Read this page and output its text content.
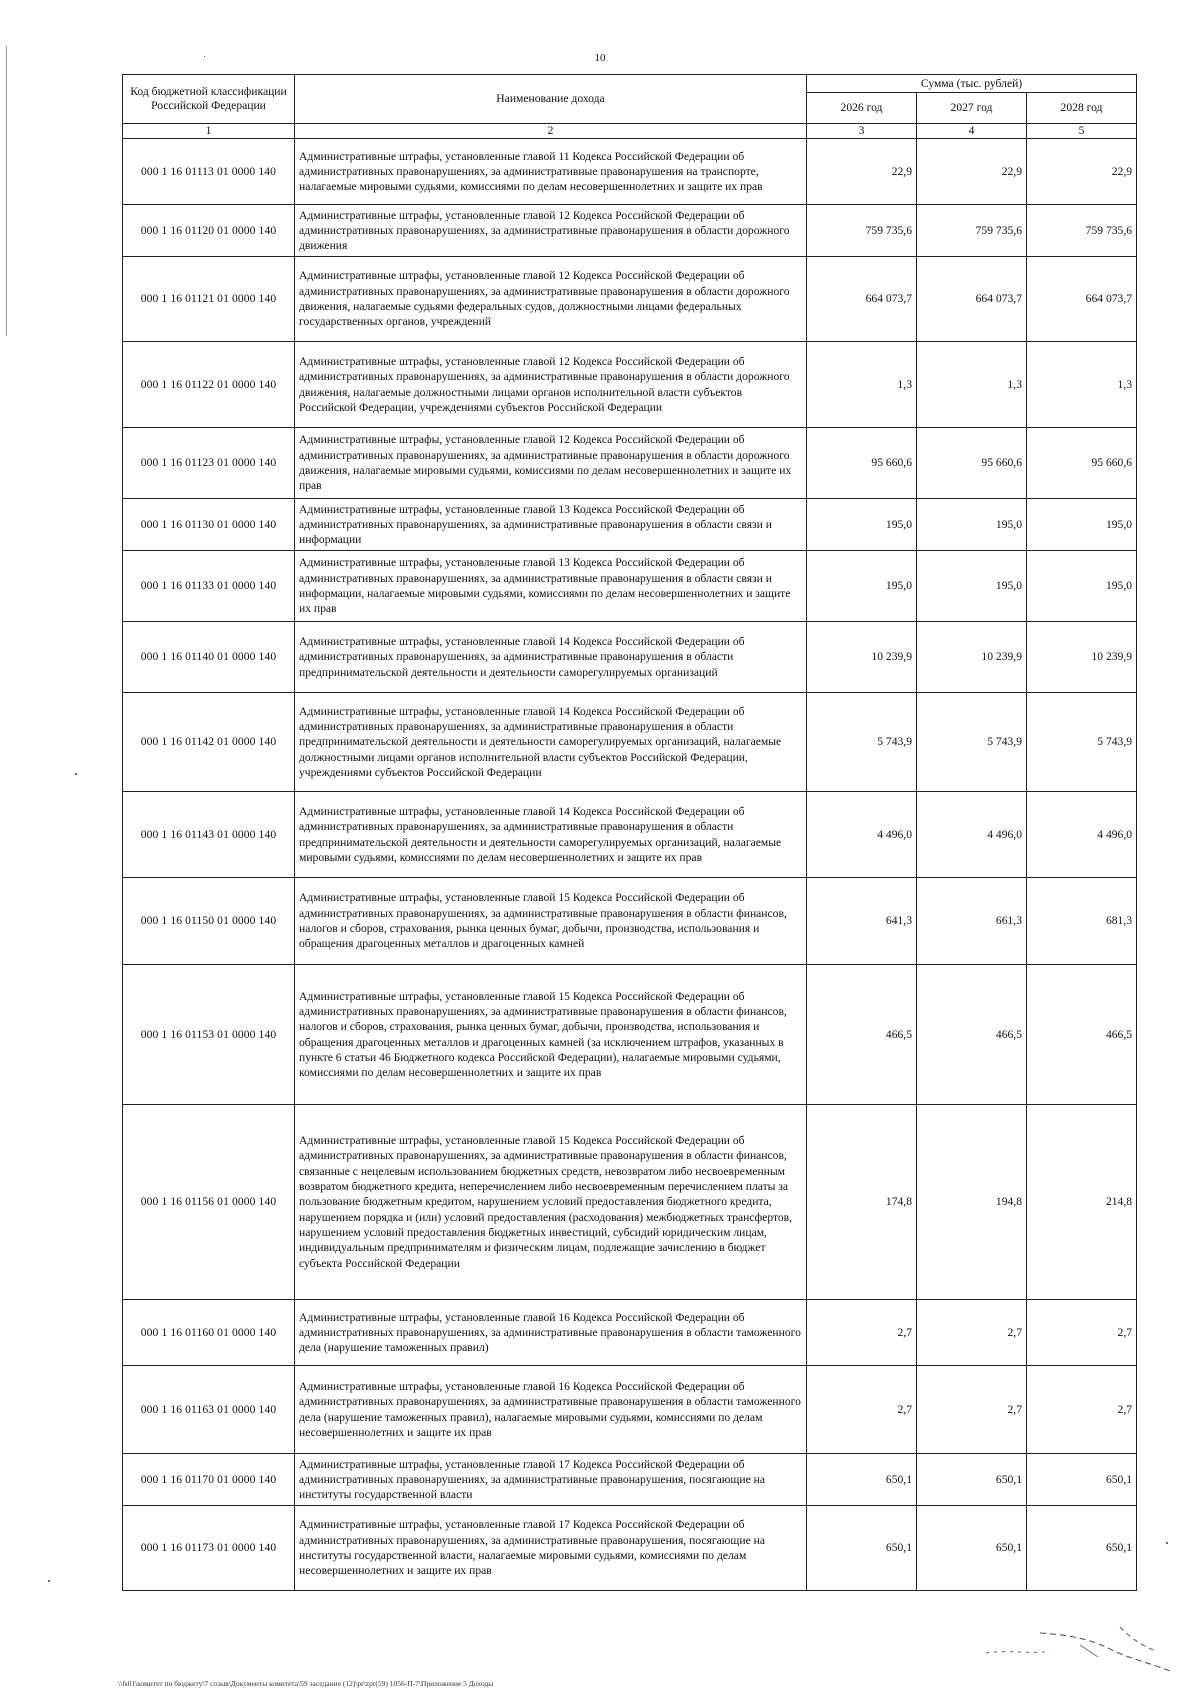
10
Код бюджетной классификации Российской Федерации	Наименование дохода	Сумма (тыс. рублей)		
		2026 год	2027 год	2028 год
1	2	3	4	5
000 1 16 01113 01 0000 140	Административные штрафы, установленные главой 11 Кодекса Российской Федерации об административных правонарушениях, за административные правонарушения на транспорте, налагаемые мировыми судьями, комиссиями по делам несовершеннолетних и защите их прав	22,9	22,9	22,9
000 1 16 01120 01 0000 140	Административные штрафы, установленные главой 12 Кодекса Российской Федерации об административных правонарушениях, за административные правонарушения в области дорожного движения	759 735,6	759 735,6	759 735,6
000 1 16 01121 01 0000 140	Административные штрафы, установленные главой 12 Кодекса Российской Федерации об административных правонарушениях, за административные правонарушения в области дорожного движения, налагаемые судьями федеральных судов, должностными лицами федеральных государственных органов, учреждений	664 073,7	664 073,7	664 073,7
000 1 16 01122 01 0000 140	Административные штрафы, установленные главой 12 Кодекса Российской Федерации об административных правонарушениях, за административные правонарушения в области дорожного движения, налагаемые должностными лицами органов исполнительной власти субъектов Российской Федерации, учреждениями субъектов Российской Федерации	1,3	1,3	1,3
000 1 16 01123 01 0000 140	Административные штрафы, установленные главой 12 Кодекса Российской Федерации об административных правонарушениях, за административные правонарушения в области дорожного движения, налагаемые мировыми судьями, комиссиями по делам несовершеннолетних и защите их прав	95 660,6	95 660,6	95 660,6
000 1 16 01130 01 0000 140	Административные штрафы, установленные главой 13 Кодекса Российской Федерации об административных правонарушениях, за административные правонарушения в области связи и информации	195,0	195,0	195,0
000 1 16 01133 01 0000 140	Административные штрафы, установленные главой 13 Кодекса Российской Федерации об административных правонарушениях, за административные правонарушения в области связи и информации, налагаемые мировыми судьями, комиссиями по делам несовершеннолетних и защите их прав	195,0	195,0	195,0
000 1 16 01140 01 0000 140	Административные штрафы, установленные главой 14 Кодекса Российской Федерации об административных правонарушениях, за административные правонарушения в области предпринимательской деятельности и деятельности саморегулируемых организаций	10 239,9	10 239,9	10 239,9
000 1 16 01142 01 0000 140	Административные штрафы, установленные главой 14 Кодекса Российской Федерации об административных правонарушениях, за административные правонарушения в области предпринимательской деятельности и деятельности саморегулируемых организаций, налагаемые должностными лицами органов исполнительной власти субъектов Российской Федерации, учреждениями субъектов Российской Федерации	5 743,9	5 743,9	5 743,9
000 1 16 01143 01 0000 140	Административные штрафы, установленные главой 14 Кодекса Российской Федерации об административных правонарушениях, за административные правонарушения в области предпринимательской деятельности и деятельности саморегулируемых организаций, налагаемые мировыми судьями, комиссиями по делам несовершеннолетних и защите их прав	4 496,0	4 496,0	4 496,0
000 1 16 01150 01 0000 140	Административные штрафы, установленные главой 15 Кодекса Российской Федерации об административных правонарушениях, за административные правонарушения в области финансов, налогов и сборов, страхования, рынка ценных бумаг, добычи, производства, использования и обращения драгоценных металлов и драгоценных камней	641,3	661,3	681,3
000 1 16 01153 01 0000 140	Административные штрафы, установленные главой 15 Кодекса Российской Федерации об административных правонарушениях, за административные правонарушения в области финансов, налогов и сборов, страхования, рынка ценных бумаг, добычи, производства, использования и обращения драгоценных металлов и драгоценных камней (за исключением штрафов, указанных в пункте 6 статьи 46 Бюджетного кодекса Российской Федерации), налагаемые мировыми судьями, комиссиями по делам несовершеннолетних и защите их прав	466,5	466,5	466,5
000 1 16 01156 01 0000 140	Административные штрафы, установленные главой 15 Кодекса Российской Федерации об административных правонарушениях, за административные правонарушения в области финансов, связанные с нецелевым использованием бюджетных средств, невозвратом либо несвоевременным возвратом бюджетного кредита, неперечислением либо несвоевременным перечислением платы за пользование бюджетным кредитом, нарушением условий предоставления бюджетного кредита, нарушением порядка и (или) условий предоставления (расходования) межбюджетных трансфертов, нарушением условий предоставления бюджетных инвестиций, субсидий юридическим лицам, индивидуальным предпринимателям и физическим лицам, подлежащие зачислению в бюджет субъекта Российской Федерации	174,8	194,8	214,8
000 1 16 01160 01 0000 140	Административные штрафы, установленные главой 16 Кодекса Российской Федерации об административных правонарушениях, за административные правонарушения в области таможенного дела (нарушение таможенных правил)	2,7	2,7	2,7
000 1 16 01163 01 0000 140	Административные штрафы, установленные главой 16 Кодекса Российской Федерации об административных правонарушениях, за административные правонарушения в области таможенного дела (нарушение таможенных правил), налагаемые мировыми судьями, комиссиями по делам несовершеннолетних и защите их прав	2,7	2,7	2,7
000 1 16 01170 01 0000 140	Административные штрафы, установленные главой 17 Кодекса Российской Федерации об административных правонарушениях, за административные правонарушения, посягающие на институты государственной власти	650,1	650,1	650,1
000 1 16 01173 01 0000 140	Административные штрафы, установленные главой 17 Кодекса Российской Федерации об административных правонарушениях, за административные правонарушения, посягающие на институты государственной власти, налагаемые мировыми судьями, комиссиями по делам несовершеннолетних и защите их прав	650,1	650,1	650,1
\\fs01\комитет по бюджету\7 созыв\Документы комитета\59 заседание (12)\pr\zpr(59) 1056-П-7\Приложение 5 Доходы
